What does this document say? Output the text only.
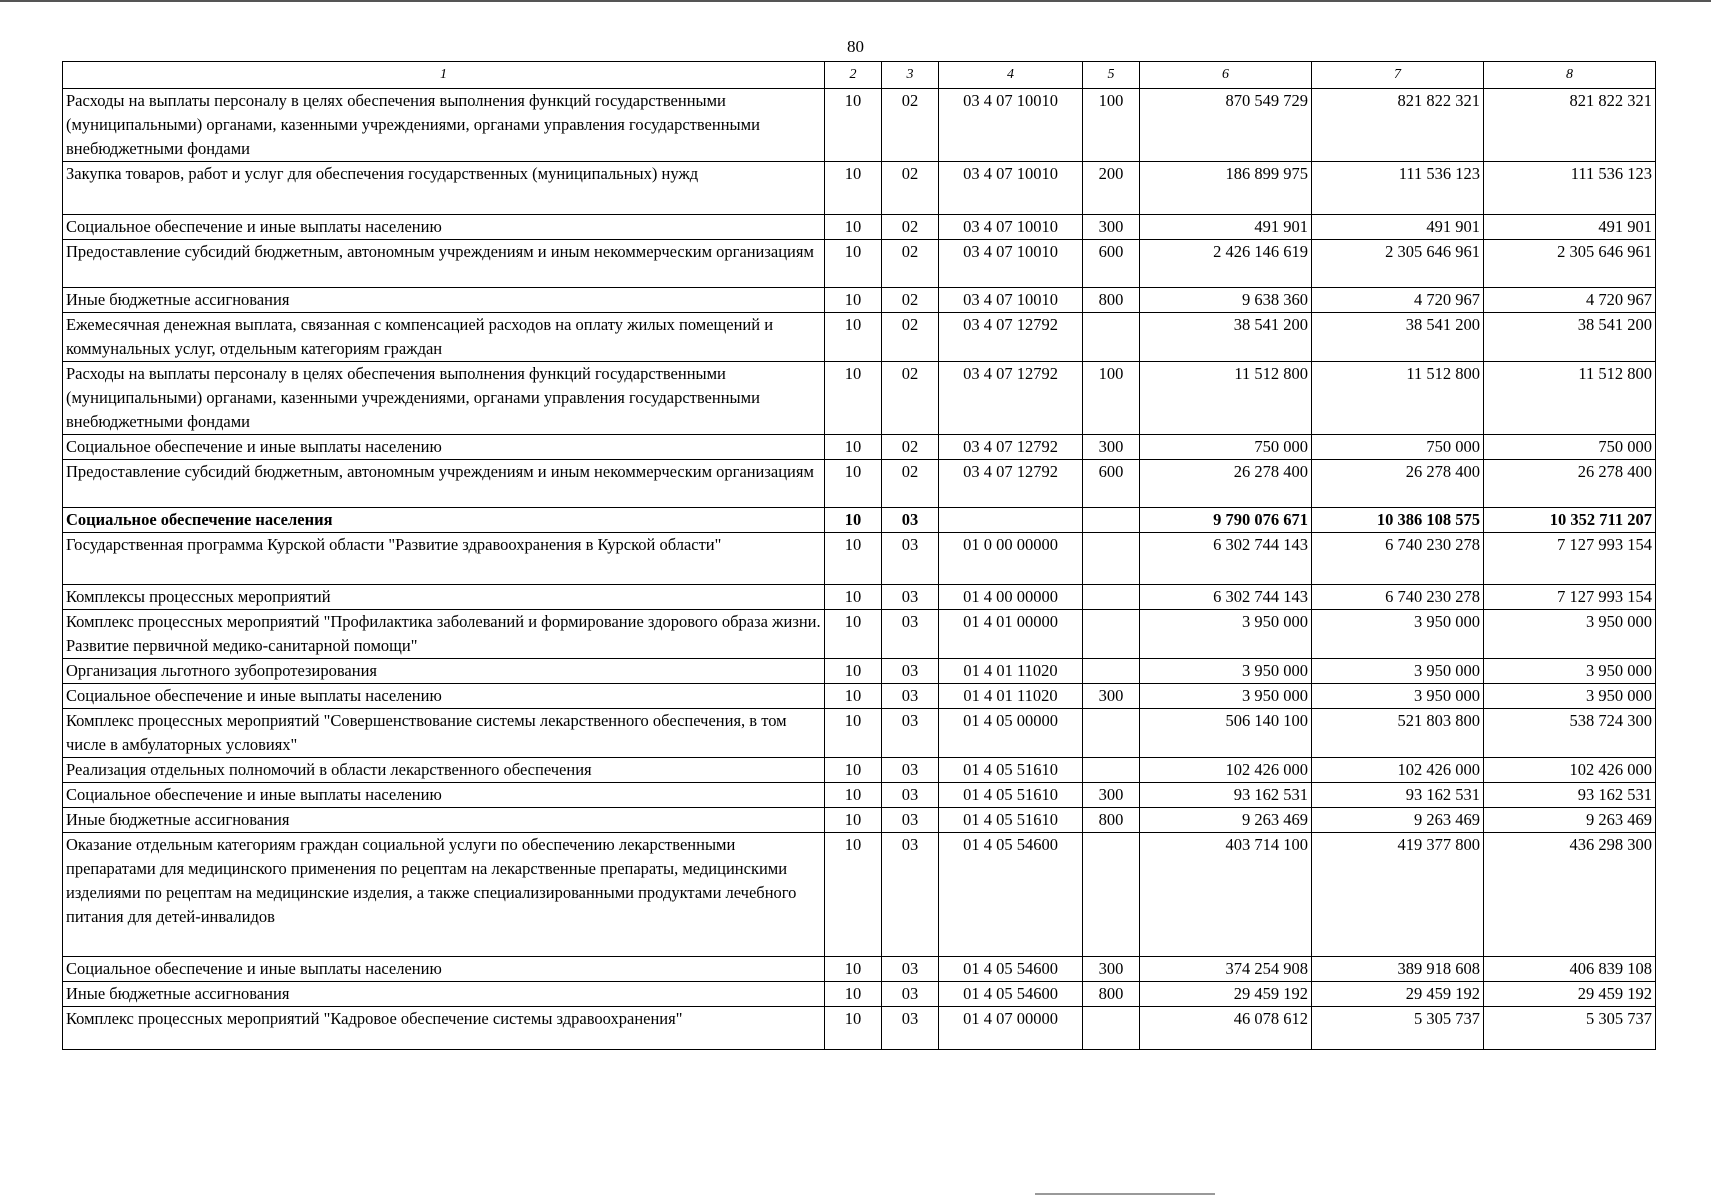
80
1	2	3	4	5	6	7	8
Расходы на выплаты персоналу в целях обеспечения выполнения функций государственными (муниципальными) органами, казенными учреждениями, органами управления государственными внебюджетными фондами	10	02	03 4 07 10010	100	870 549 729	821 822 321	821 822 321
Закупка товаров, работ и услуг для обеспечения государственных (муниципальных) нужд	10	02	03 4 07 10010	200	186 899 975	111 536 123	111 536 123
Социальное обеспечение и иные выплаты населению	10	02	03 4 07 10010	300	491 901	491 901	491 901
Предоставление субсидий бюджетным, автономным учреждениям и иным некоммерческим организациям	10	02	03 4 07 10010	600	2 426 146 619	2 305 646 961	2 305 646 961
Иные бюджетные ассигнования	10	02	03 4 07 10010	800	9 638 360	4 720 967	4 720 967
Ежемесячная денежная выплата, связанная с компенсацией расходов на оплату жилых помещений и коммунальных услуг, отдельным категориям граждан	10	02	03 4 07 12792		38 541 200	38 541 200	38 541 200
Расходы на выплаты персоналу в целях обеспечения выполнения функций государственными (муниципальными) органами, казенными учреждениями, органами управления государственными внебюджетными фондами	10	02	03 4 07 12792	100	11 512 800	11 512 800	11 512 800
Социальное обеспечение и иные выплаты населению	10	02	03 4 07 12792	300	750 000	750 000	750 000
Предоставление субсидий бюджетным, автономным учреждениям и иным некоммерческим организациям	10	02	03 4 07 12792	600	26 278 400	26 278 400	26 278 400
Социальное обеспечение населения	10	03			9 790 076 671	10 386 108 575	10 352 711 207
Государственная программа Курской области "Развитие здравоохранения в Курской области"	10	03	01 0 00 00000		6 302 744 143	6 740 230 278	7 127 993 154
Комплексы процессных мероприятий	10	03	01 4 00 00000		6 302 744 143	6 740 230 278	7 127 993 154
Комплекс процессных мероприятий "Профилактика заболеваний и формирование здорового образа жизни. Развитие первичной медико-санитарной помощи"	10	03	01 4 01 00000		3 950 000	3 950 000	3 950 000
Организация льготного зубопротезирования	10	03	01 4 01 11020		3 950 000	3 950 000	3 950 000
Социальное обеспечение и иные выплаты населению	10	03	01 4 01 11020	300	3 950 000	3 950 000	3 950 000
Комплекс процессных мероприятий "Совершенствование системы лекарственного обеспечения, в том числе в амбулаторных условиях"	10	03	01 4 05 00000		506 140 100	521 803 800	538 724 300
Реализация отдельных полномочий в области лекарственного обеспечения	10	03	01 4 05 51610		102 426 000	102 426 000	102 426 000
Социальное обеспечение и иные выплаты населению	10	03	01 4 05 51610	300	93 162 531	93 162 531	93 162 531
Иные бюджетные ассигнования	10	03	01 4 05 51610	800	9 263 469	9 263 469	9 263 469
Оказание отдельным категориям граждан социальной услуги по обеспечению лекарственными препаратами для медицинского применения по рецептам на лекарственные препараты, медицинскими изделиями по рецептам на медицинские изделия, а также специализированными продуктами лечебного питания для детей-инвалидов	10	03	01 4 05 54600		403 714 100	419 377 800	436 298 300
Социальное обеспечение и иные выплаты населению	10	03	01 4 05 54600	300	374 254 908	389 918 608	406 839 108
Иные бюджетные ассигнования	10	03	01 4 05 54600	800	29 459 192	29 459 192	29 459 192
Комплекс процессных мероприятий "Кадровое обеспечение системы здравоохранения"	10	03	01 4 07 00000		46 078 612	5 305 737	5 305 737
